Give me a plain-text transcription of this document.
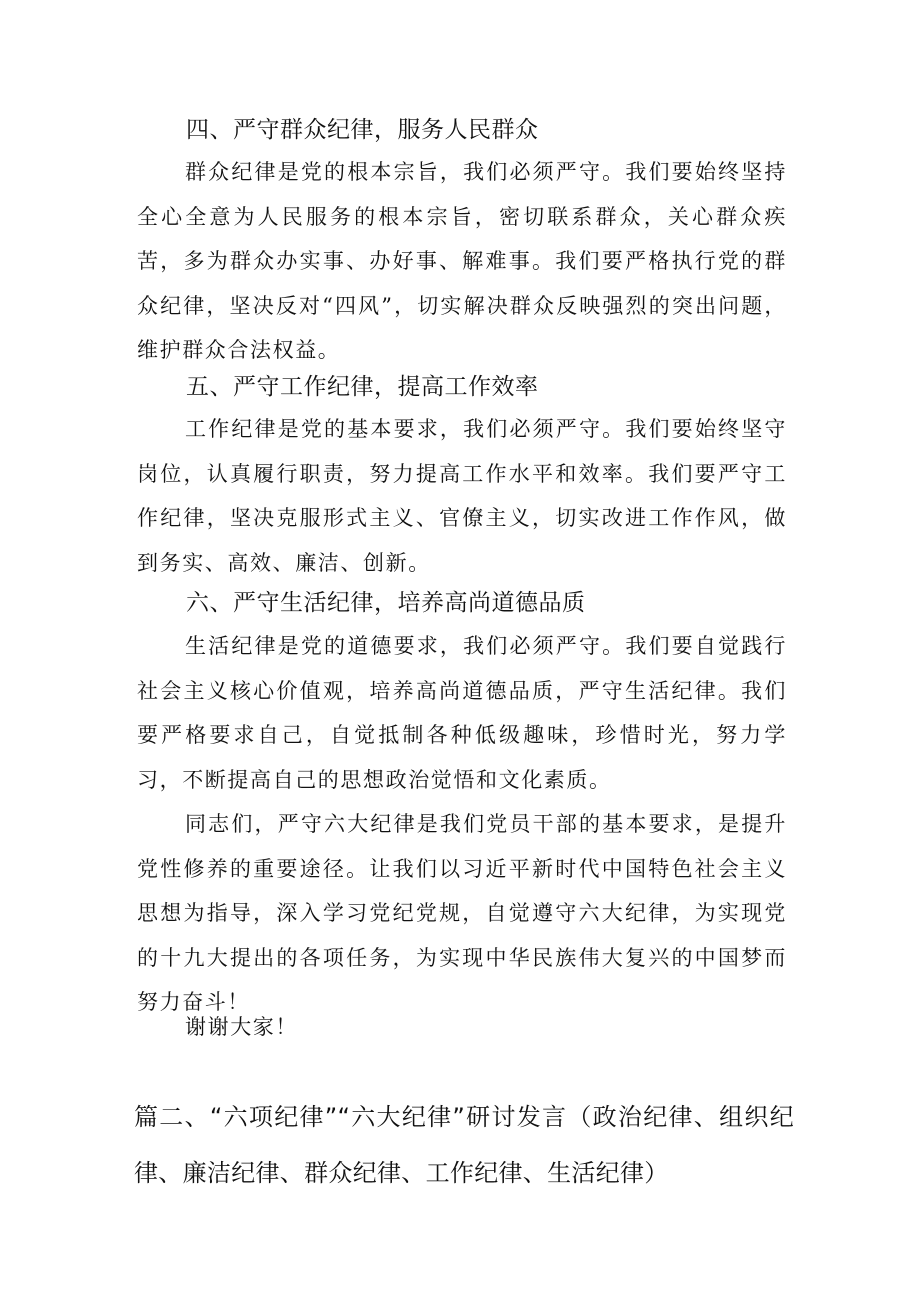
四、严守群众纪律，服务人民群众

群众纪律是党的根本宗旨，我们必须严守。我们要始终坚持全心全意为人民服务的根本宗旨，密切联系群众，关心群众疾苦，多为群众办实事、办好事、解难事。我们要严格执行党的群众纪律，坚决反对“四风”，切实解决群众反映强烈的突出问题，维护群众合法权益。

五、严守工作纪律，提高工作效率

工作纪律是党的基本要求，我们必须严守。我们要始终坚守岗位，认真履行职责，努力提高工作水平和效率。我们要严守工作纪律，坚决克服形式主义、官僚主义，切实改进工作作风，做到务实、高效、廉洁、创新。

六、严守生活纪律，培养高尚道德品质

生活纪律是党的道德要求，我们必须严守。我们要自觉践行社会主义核心价值观，培养高尚道德品质，严守生活纪律。我们要严格要求自己，自觉抵制各种低级趣味，珍惜时光，努力学习，不断提高自己的思想政治觉悟和文化素质。

同志们，严守六大纪律是我们党员干部的基本要求，是提升党性修养的重要途径。让我们以习近平新时代中国特色社会主义思想为指导，深入学习党纪党规，自觉遵守六大纪律，为实现党的十九大提出的各项任务，为实现中华民族伟大复兴的中国梦而努力奋斗！

谢谢大家！

篇二、“六项纪律”“六大纪律”研讨发言（政治纪律、组织纪律、廉洁纪律、群众纪律、工作纪律、生活纪律）
